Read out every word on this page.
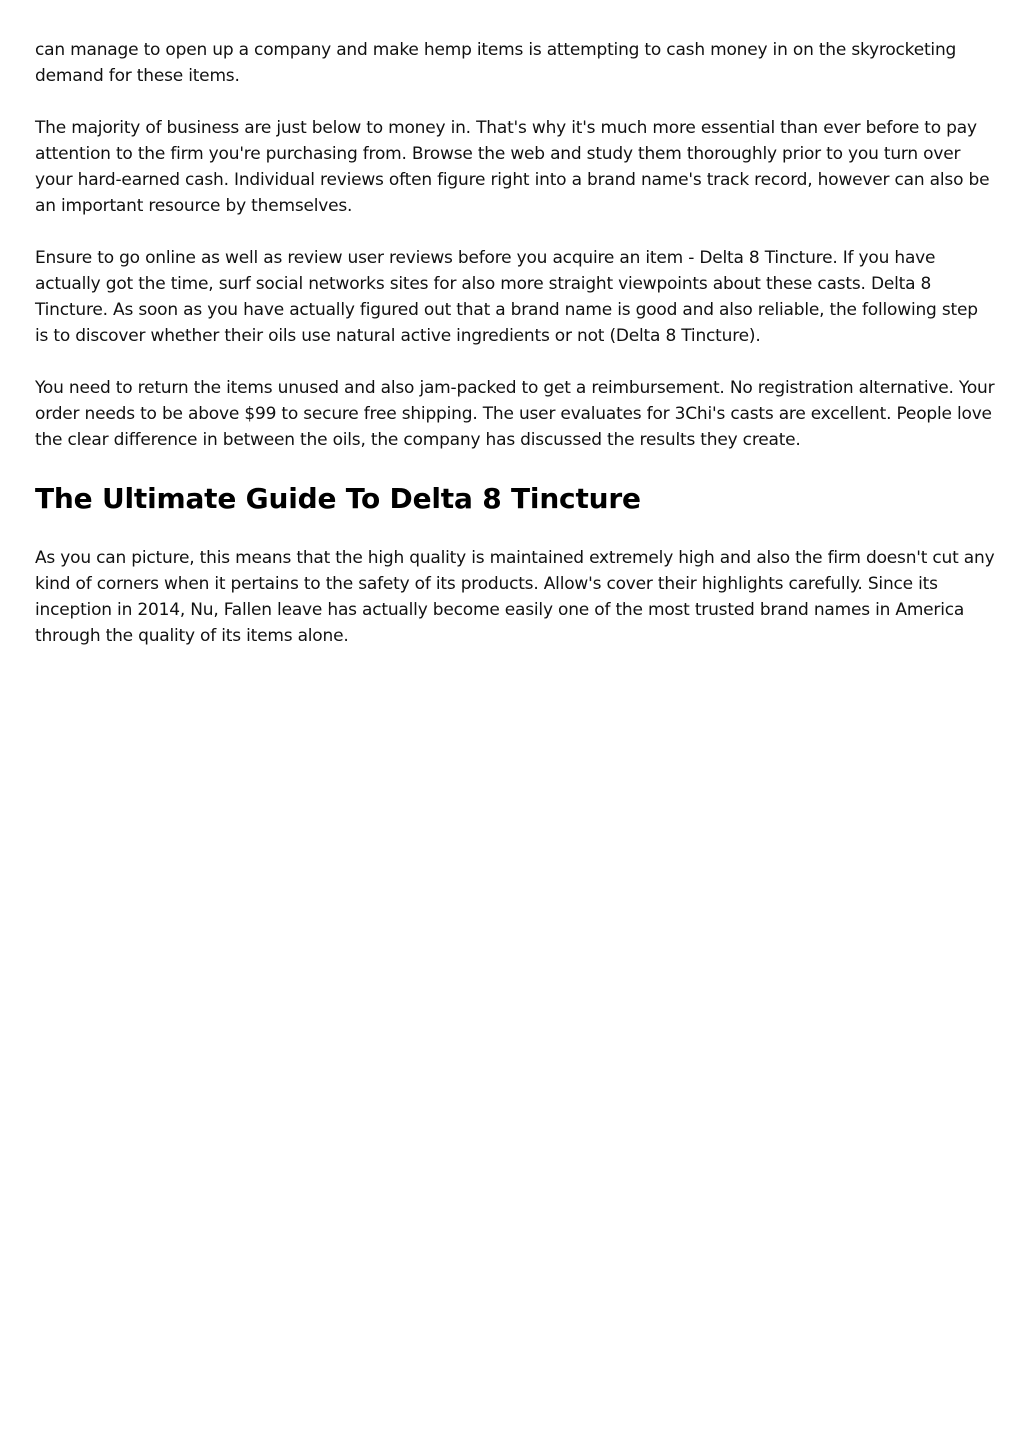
can manage to open up a company and make hemp items is attempting to cash money in on the skyrocketing demand for these items.

The majority of business are just below to money in. That's why it's much more essential than ever before to pay attention to the firm you're purchasing from. Browse the web and study them thoroughly prior to you turn over your hard-earned cash. Individual reviews often figure right into a brand name's track record, however can also be an important resource by themselves.

Ensure to go online as well as review user reviews before you acquire an item - Delta 8 Tincture. If you have actually got the time, surf social networks sites for also more straight viewpoints about these casts. Delta 8 Tincture. As soon as you have actually figured out that a brand name is good and also reliable, the following step is to discover whether their oils use natural active ingredients or not (Delta 8 Tincture).

You need to return the items unused and also jam-packed to get a reimbursement. No registration alternative. Your order needs to be above $99 to secure free shipping. The user evaluates for 3Chi's casts are excellent. People love the clear difference in between the oils, the company has discussed the results they create.

The Ultimate Guide To Delta 8 Tincture

As you can picture, this means that the high quality is maintained extremely high and also the firm doesn't cut any kind of corners when it pertains to the safety of its products. Allow's cover their highlights carefully. Since its inception in 2014, Nu, Fallen leave has actually become easily one of the most trusted brand names in America through the quality of its items alone.
